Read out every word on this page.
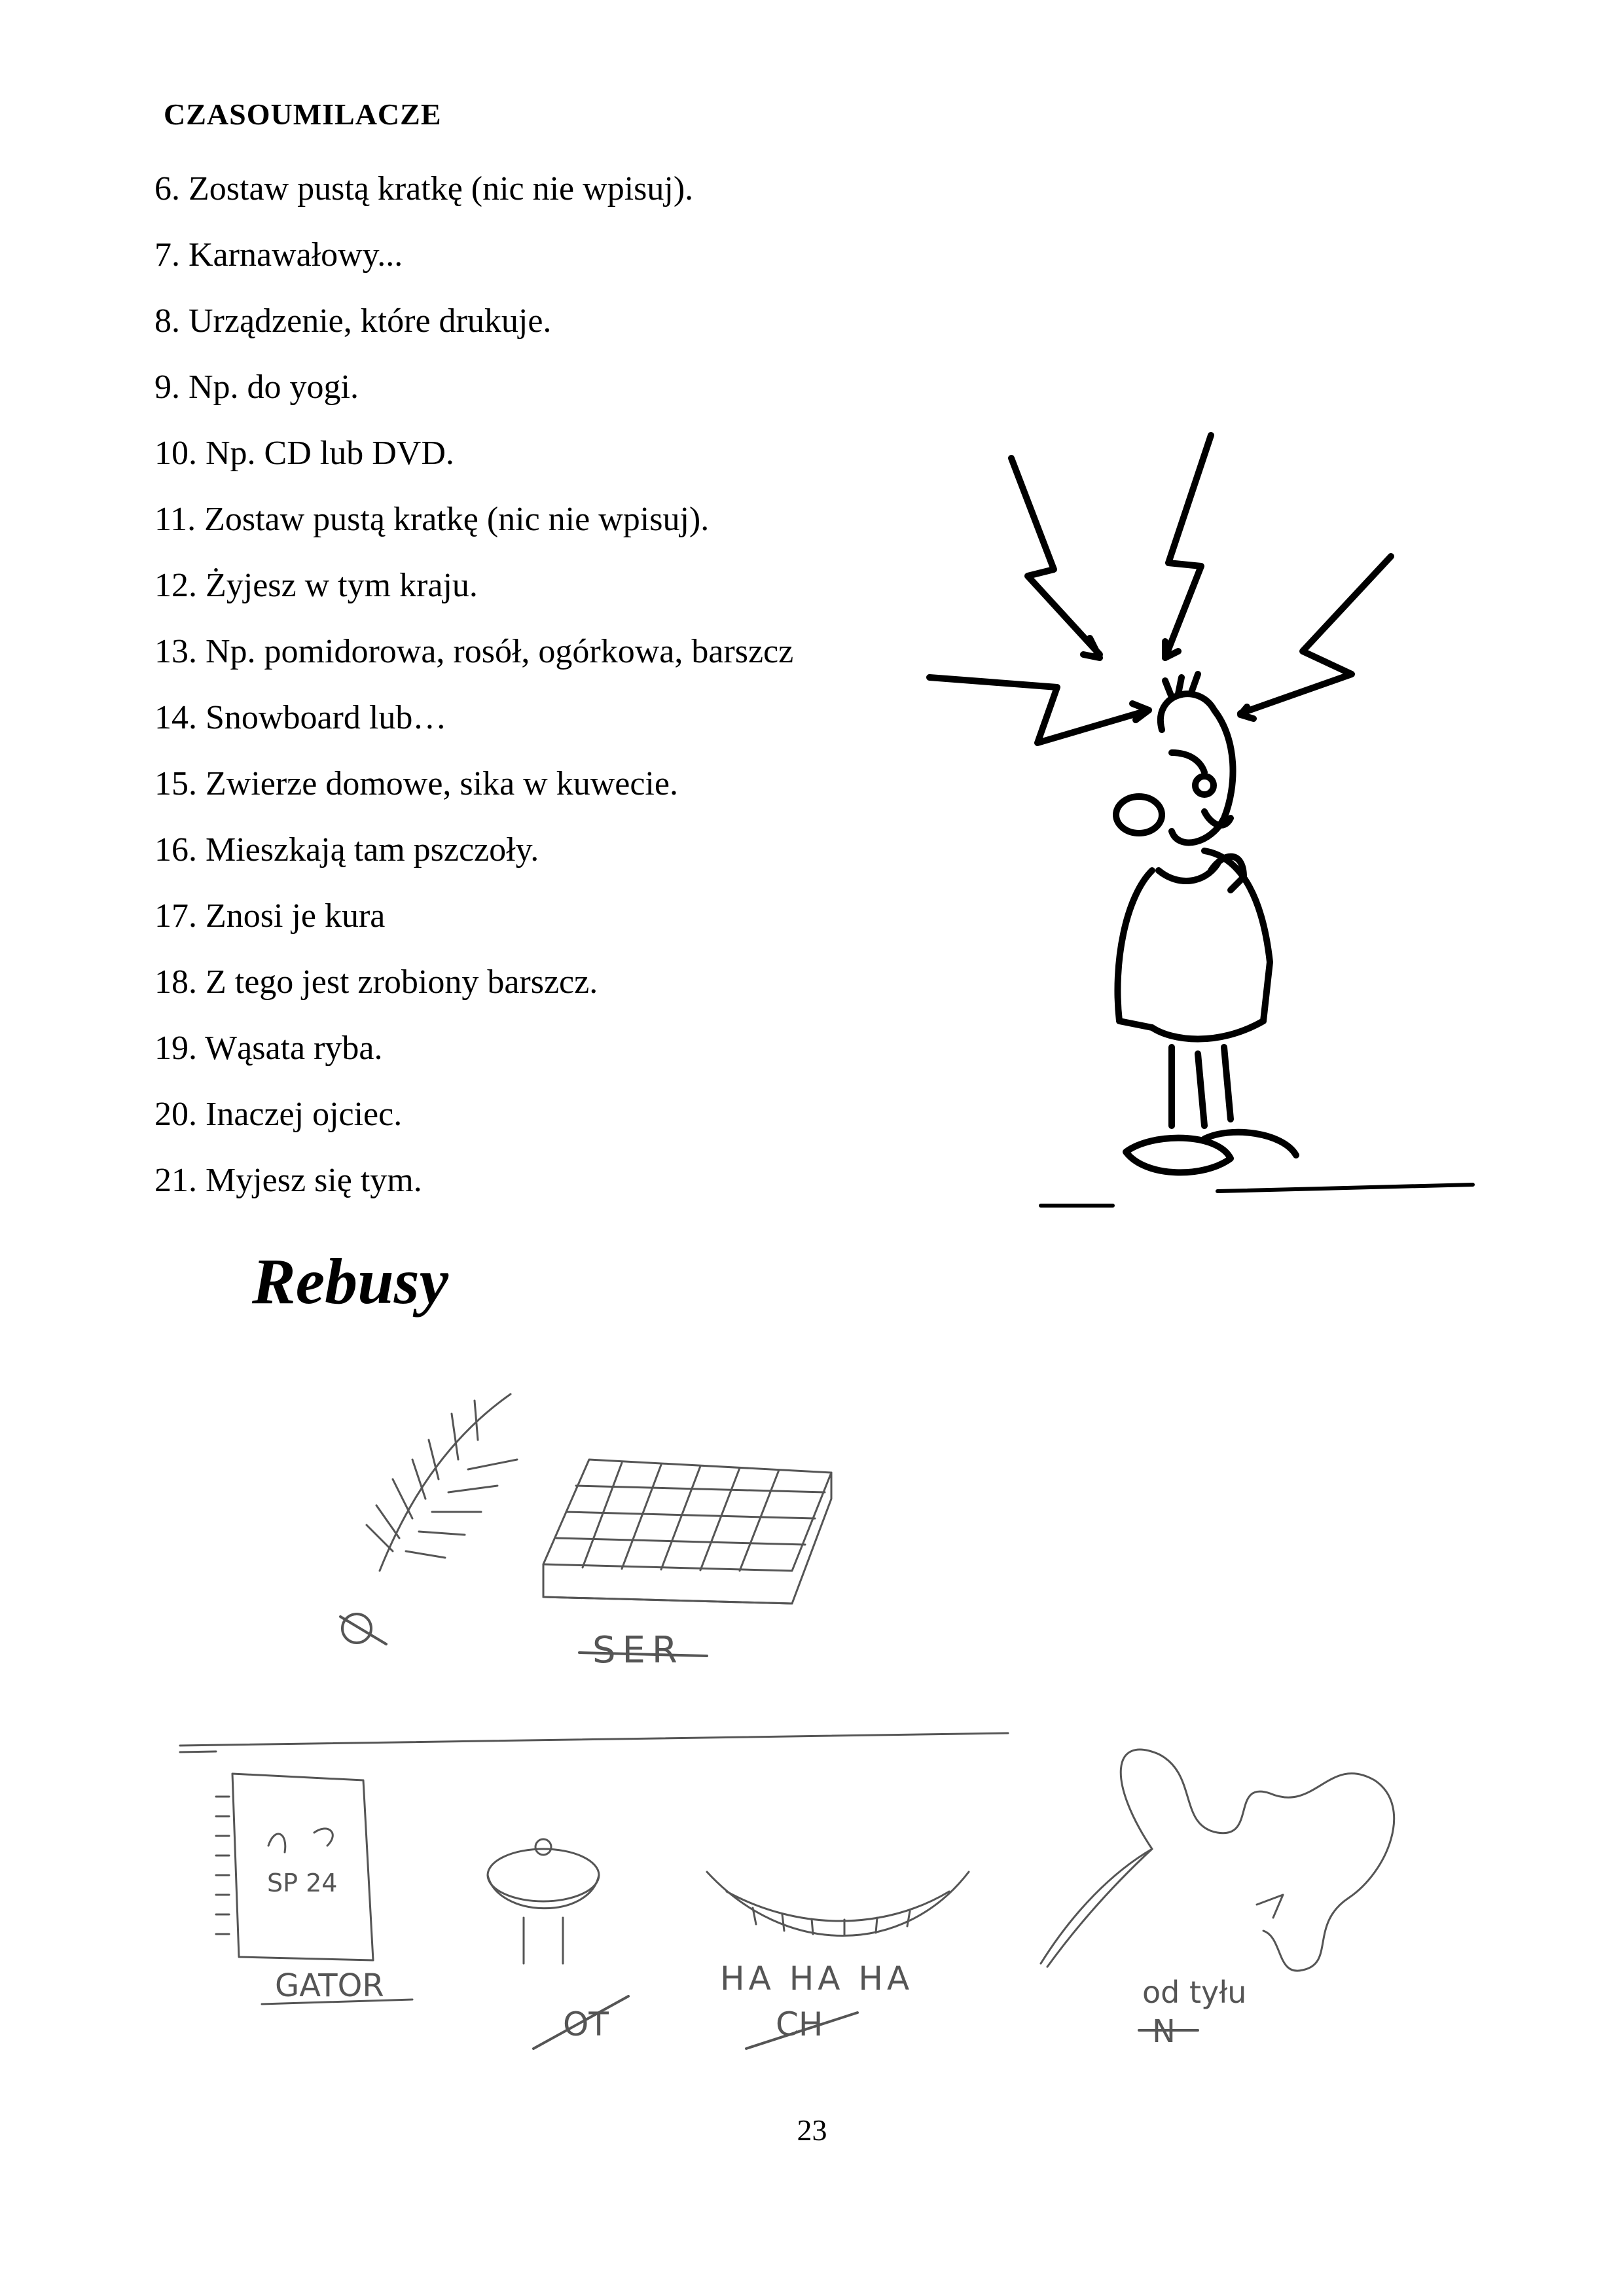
CZASOUMILACZE
6. Zostaw pustą kratkę (nic nie wpisuj).
7. Karnawałowy...
8. Urządzenie, które drukuje.
9. Np. do yogi.
10. Np. CD lub DVD.
11. Zostaw pustą kratkę (nic nie wpisuj).
12. Żyjesz w tym kraju.
13. Np. pomidorowa, rosół, ogórkowa, barszcz
14. Snowboard lub…
15. Zwierze domowe, sika w kuwecie.
16. Mieszkają tam pszczoły.
17. Znosi je kura
18. Z tego jest zrobiony barszcz.
19. Wąsata ryba.
20. Inaczej ojciec.
21. Myjesz się tym.
Rebusy
SER
SP 24
GATOR
OT
HA HA HA
CH
od tyłu
N
23
